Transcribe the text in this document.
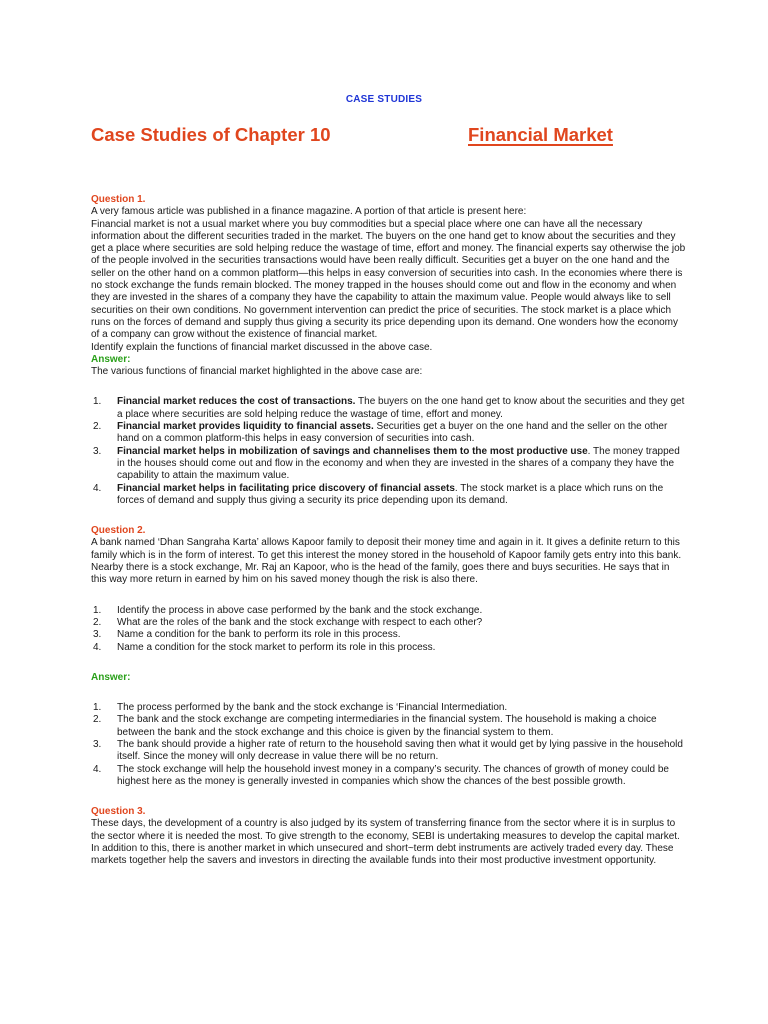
CASE STUDIES
Case Studies of Chapter 10	Financial Market

Question 1.

A very famous article was published in a finance magazine. A portion of that article is present here:

Financial market is not a usual market where you buy commodities but a special place where one can have all the necessary information about the different securities traded in the market. The buyers on the one hand get to know about the securities and they get a place where securities are sold helping reduce the wastage of time, effort and money. The financial experts say otherwise the job of the people involved in the securities transactions would have been really difficult. Securities get a buyer on the one hand and the seller on the other hand on a common platform—this helps in easy conversion of securities into cash. In the economies where there is no stock exchange the funds remain blocked. The money trapped in the houses should come out and flow in the economy and when they are invested in the shares of a company they have the capability to attain the maximum value. People would always like to sell securities on their own conditions. No government intervention can predict the price of securities. The stock market is a place which runs on the forces of demand and supply thus giving a security its price depending upon its demand. One wonders how the economy of a company can grow without the existence of financial market.

Identify explain the functions of financial market discussed in the above case.

Answer:

The various functions of financial market highlighted in the above case are:

1. Financial market reduces the cost of transactions. The buyers on the one hand get to know about the securities and they get a place where securities are sold helping reduce the wastage of time, effort and money.
2. Financial market provides liquidity to financial assets. Securities get a buyer on the one hand and the seller on the other hand on a common platform-this helps in easy conversion of securities into cash.
3. Financial market helps in mobilization of savings and channelises them to the most productive use. The money trapped in the houses should come out and flow in the economy and when they are invested in the shares of a company they have the capability to attain the maximum value.
4. Financial market helps in facilitating price discovery of financial assets. The stock market is a place which runs on the forces of demand and supply thus giving a security its price depending upon its demand.

Question 2.

A bank named ‘Dhan Sangraha Karta’ allows Kapoor family to deposit their money time and again in it. It gives a definite return to this family which is in the form of interest. To get this interest the money stored in the household of Kapoor family gets entry into this bank. Nearby there is a stock exchange, Mr. Raj an Kapoor, who is the head of the family, goes there and buys securities. He says that in this way more return in earned by him on his saved money though the risk is also there.

1. Identify the process in above case performed by the bank and the stock exchange.
2. What are the roles of the bank and the stock exchange with respect to each other?
3. Name a condition for the bank to perform its role in this process.
4. Name a condition for the stock market to perform its role in this process.

Answer:

1. The process performed by the bank and the stock exchange is ‘Financial Intermediation.
2. The bank and the stock exchange are competing intermediaries in the financial system. The household is making a choice between the bank and the stock exchange and this choice is given by the financial system to them.
3. The bank should provide a higher rate of return to the household saving then what it would get by lying passive in the household itself. Since the money will only decrease in value there will be no return.
4. The stock exchange will help the household invest money in a company’s security. The chances of growth of money could be highest here as the money is generally invested in companies which show the chances of the best possible growth.

Question 3.

These days, the development of a country is also judged by its system of transferring finance from the sector where it is in surplus to the sector where it is needed the most. To give strength to the economy, SEBI is undertaking measures to develop the capital market. In addition to this, there is another market in which unsecured and short~term debt instruments are actively traded every day. These markets together help the savers and investors in directing the available funds into their most productive investment opportunity.
